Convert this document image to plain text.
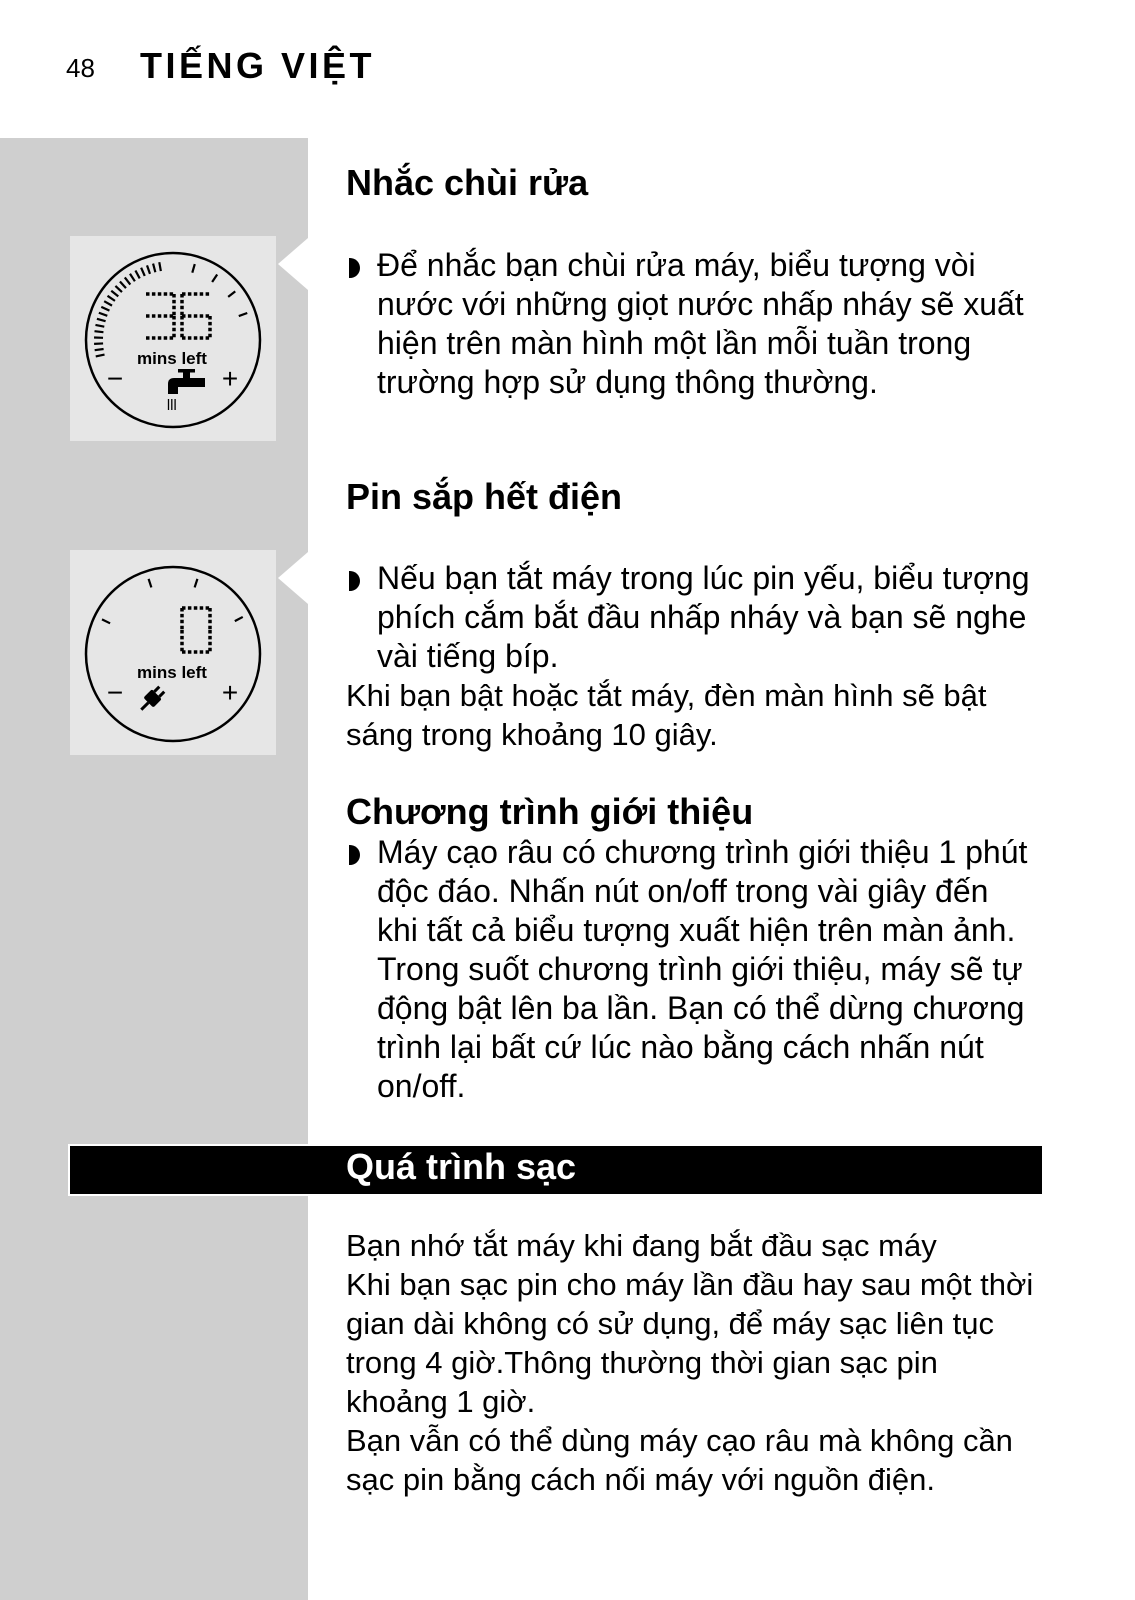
48 TIẾNG VIỆT
mins left
−	+
mins left
−	+
Nhắc chùi rửa
Để nhắc bạn chùi rửa máy, biểu tượng vòi
nước với những giọt nước nhấp nháy sẽ xuất
hiện trên màn hình một lần mỗi tuần trong
trường hợp sử dụng thông thường.
Pin sắp hết điện
Nếu bạn tắt máy trong lúc pin yếu, biểu tượng
phích cắm bắt đầu nhấp nháy và bạn sẽ nghe
vài tiếng bíp.
Khi bạn bật hoặc tắt máy, đèn màn hình sẽ bật
sáng trong khoảng 10 giây.
Chương trình giới thiệu
Máy cạo râu có chương trình giới thiệu 1 phút
độc đáo. Nhấn nút on/off trong vài giây đến
khi tất cả biểu tượng xuất hiện trên màn ảnh.
Trong suốt chương trình giới thiệu, máy sẽ tự
động bật lên ba lần. Bạn có thể dừng chương
trình lại bất cứ lúc nào bằng cách nhấn nút
on/off.
Quá trình sạc
Bạn nhớ tắt máy khi đang bắt đầu sạc máy
Khi bạn sạc pin cho máy lần đầu hay sau một thời
gian dài không có sử dụng, để máy sạc liên tục
trong 4 giờ.Thông thường thời gian sạc pin
khoảng 1 giờ.
Bạn vẫn có thể dùng máy cạo râu mà không cần
sạc pin bằng cách nối máy với nguồn điện.
